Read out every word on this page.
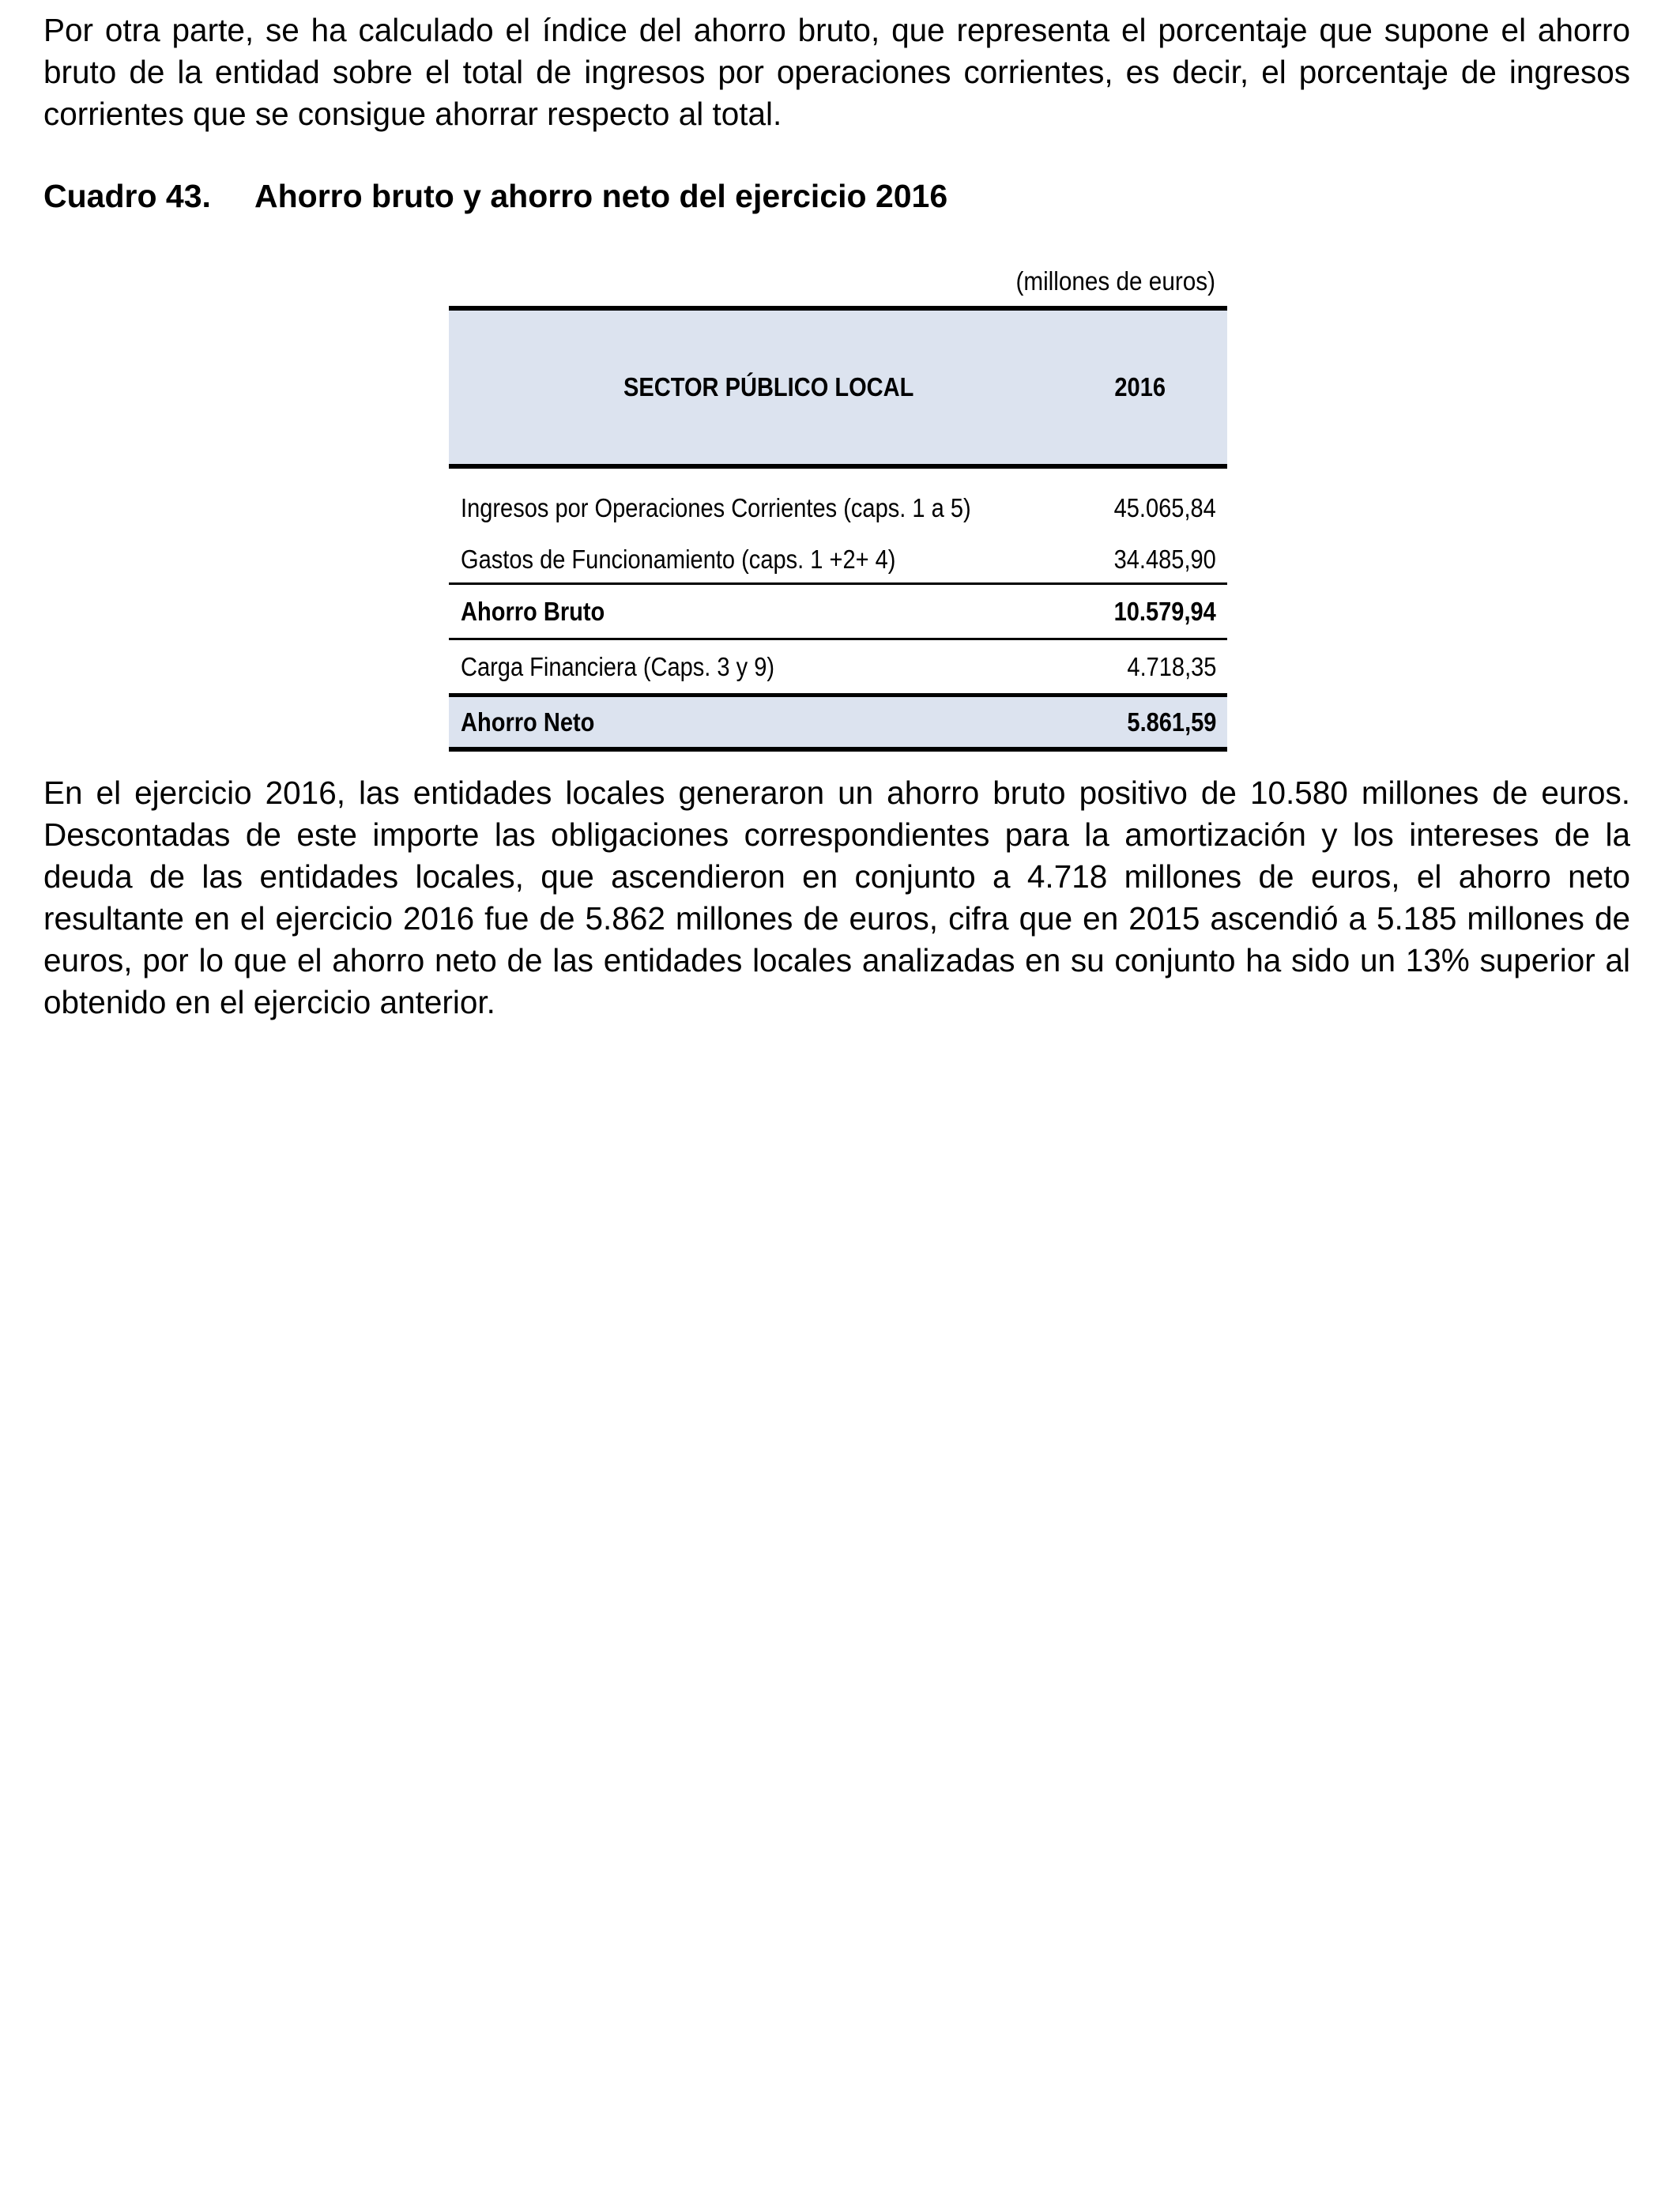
Por otra parte, se ha calculado el índice del ahorro bruto, que representa el porcentaje que supone el ahorro bruto de la entidad sobre el total de ingresos por operaciones corrientes, es decir, el porcentaje de ingresos corrientes que se consigue ahorrar respecto al total.

Cuadro 43. Ahorro bruto y ahorro neto del ejercicio 2016
(millones de euros)
SECTOR PÚBLICO LOCAL	2016
Ingresos por Operaciones Corrientes (caps. 1 a 5)	45.065,84
Gastos de Funcionamiento (caps. 1 +2+ 4)	34.485,90
Ahorro Bruto	10.579,94
Carga Financiera (Caps. 3 y 9)	4.718,35
Ahorro Neto	5.861,59

En el ejercicio 2016, las entidades locales generaron un ahorro bruto positivo de 10.580 millones de euros. Descontadas de este importe las obligaciones correspondientes para la amortización y los intereses de la deuda de las entidades locales, que ascendieron en conjunto a 4.718 millones de euros, el ahorro neto resultante en el ejercicio 2016 fue de 5.862 millones de euros, cifra que en 2015 ascendió a 5.185 millones de euros, por lo que el ahorro neto de las entidades locales analizadas en su conjunto ha sido un 13% superior al obtenido en el ejercicio anterior.
